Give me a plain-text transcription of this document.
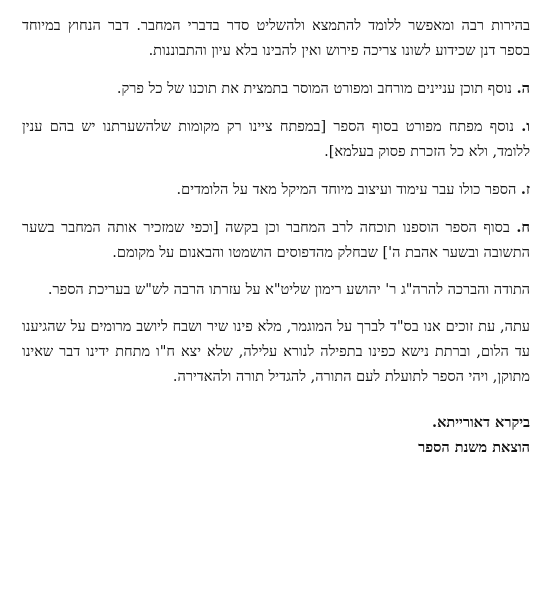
בהירות רבה ומאפשר ללומד להתמצא ולהשליט סדר בדברי המחבר. דבר הנחוץ במיוחד בספר דנן שכידוע לשונו צריכה פירוש ואין להבינו בלא עיון והתבוננות.

ה. נוסף תוכן עניינים מורחב ומפורט המוסר בתמצית את תוכנו של כל פרק.

ו. נוסף מפתח מפורט בסוף הספר [במפתח ציינו רק מקומות שלהשערתנו יש בהם ענין ללומד, ולא כל הזכרת פסוק בעלמא].

ז. הספר כולו עבר עימוד ועיצוב מיוחד המיקל מאד על הלומדים.

ח. בסוף הספר הוספנו תוכחה לרב המחבר וכן בקשה [וכפי שמזכיר אותה המחבר בשער התשובה ובשער אהבת ה'] שבחלק מהדפוסים הושמטו והבאנום על מקומם.

התודה והברכה להרה"ג ר' יהושע רימון שליט"א על עזרתו הרבה לש"ש בעריכת הספר.

עתה, עת זוכים אנו בס"ד לברך על המוגמר, מלא פינו שיר ושבח ליושב מרומים על שהגיענו עד הלום, וברתת נישא כפינו בתפילה לנורא עלילה, שלא יצא ח"ו מתחת ידינו דבר שאינו מתוקן, ויהי הספר לתועלת לעם התורה, להגדיל תורה ולהאדירה.

ביקרא דאורייתא.
הוצאת משנת הספר
